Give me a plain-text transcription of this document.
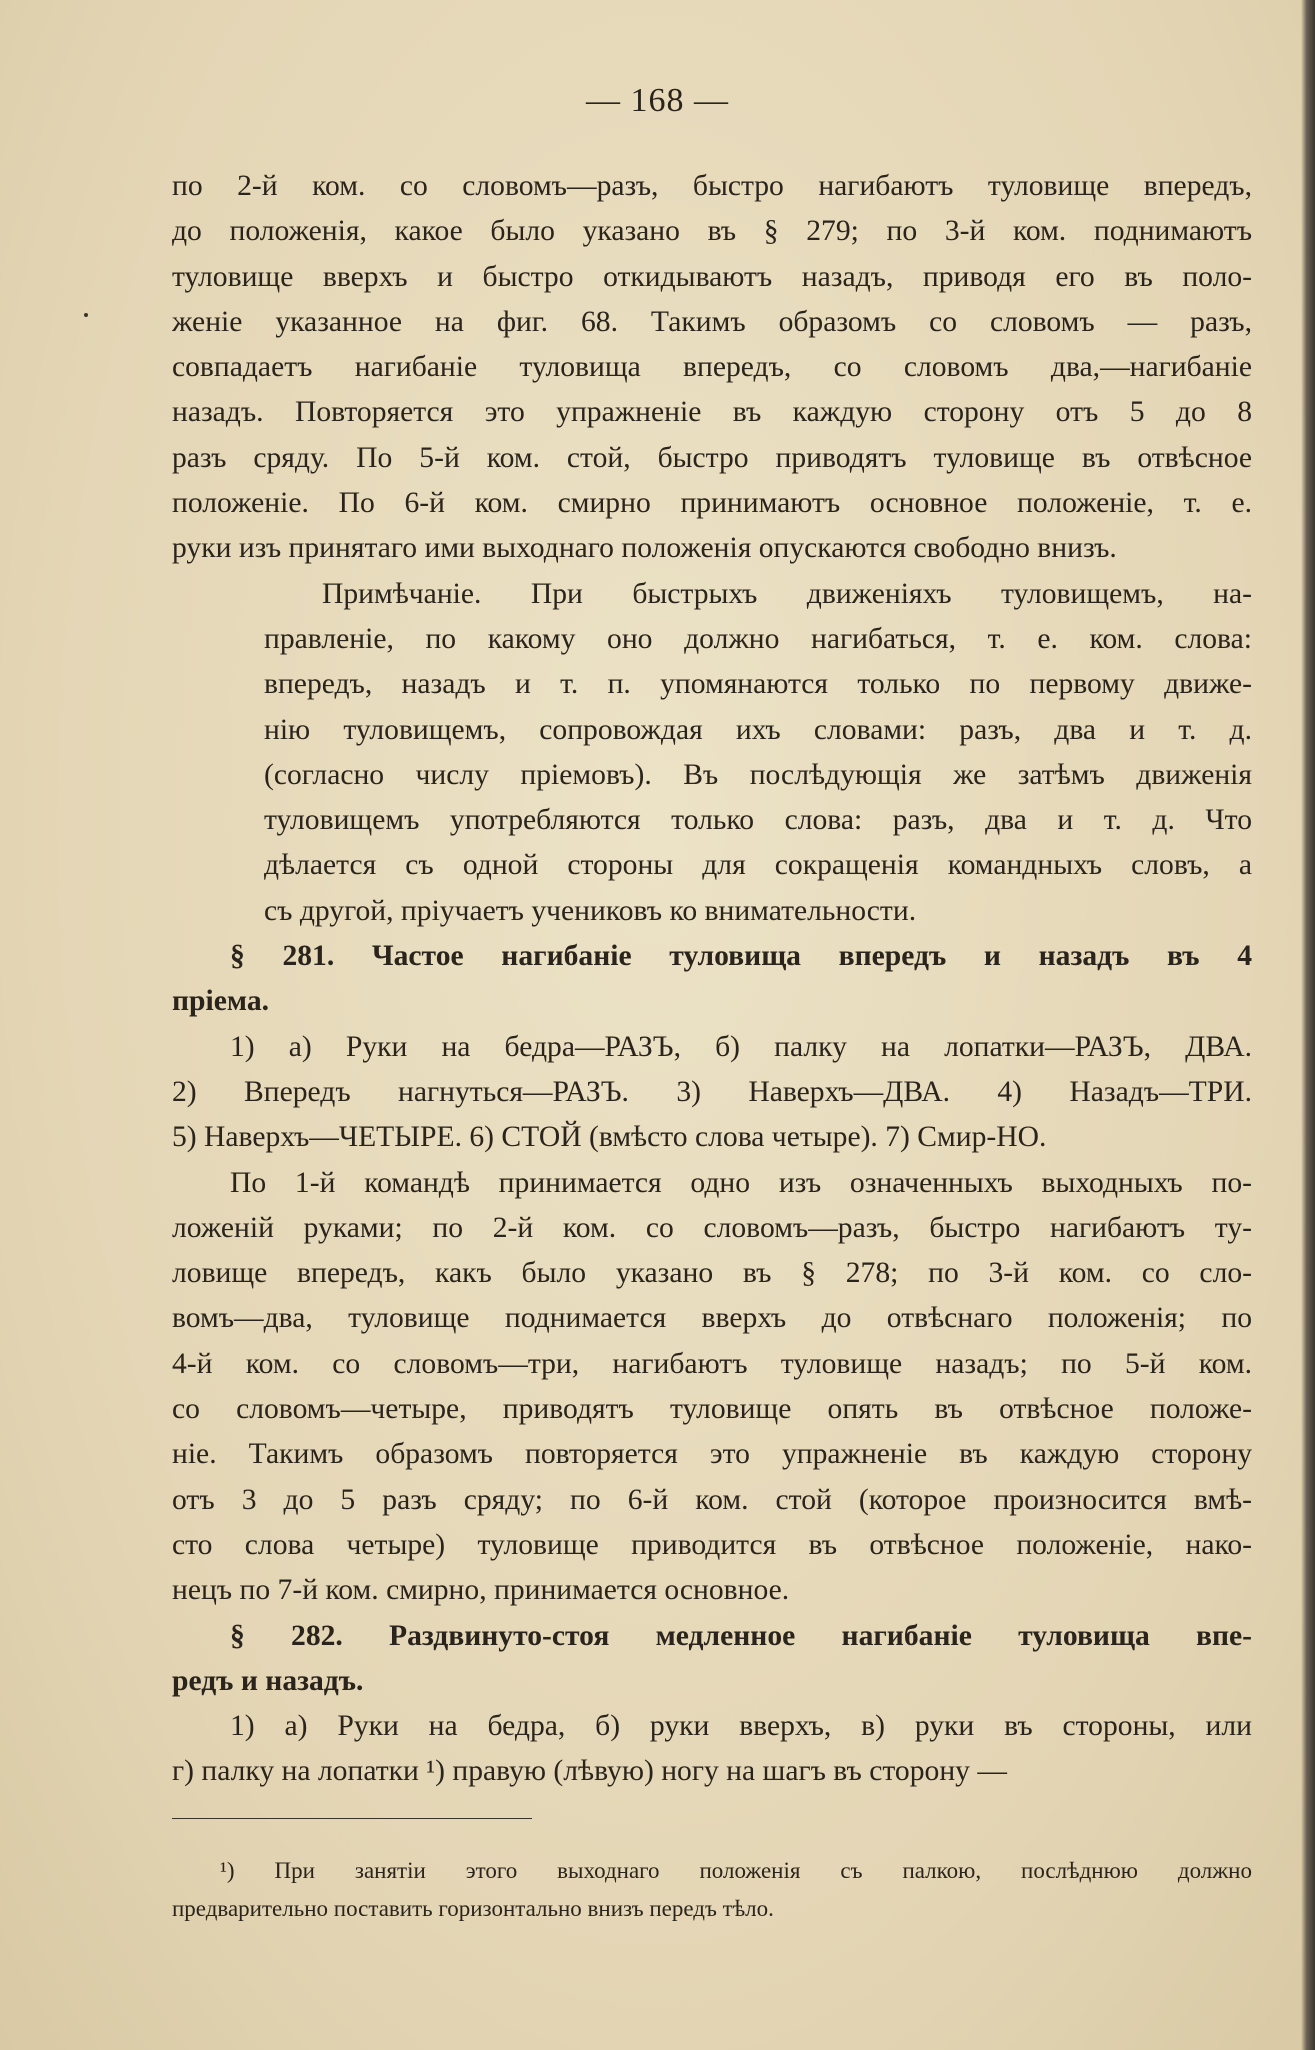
— 168 —
по 2-й ком. со словомъ—разъ, быстро нагибаютъ туловище впередъ,
до положенія, какое было указано въ § 279; по 3-й ком. поднимаютъ
туловище вверхъ и быстро откидываютъ назадъ, приводя его въ поло-
женіе указанное на фиг. 68. Такимъ образомъ со словомъ — разъ,
совпадаетъ нагибаніе туловища впередъ, со словомъ два,—нагибаніе
назадъ. Повторяется это упражненіе въ каждую сторону отъ 5 до 8
разъ сряду. По 5-й ком. стой, быстро приводятъ туловище въ отвѣсное
положеніе. По 6-й ком. смирно принимаютъ основное положеніе, т. е.
руки изъ принятаго ими выходнаго положенія опускаются свободно внизъ.
Примѣчаніе. При быстрыхъ движеніяхъ туловищемъ, на-
правленіе, по какому оно должно нагибаться, т. е. ком. слова:
впередъ, назадъ и т. п. упомянаются только по первому движе-
нію туловищемъ, сопровождая ихъ словами: разъ, два и т. д.
(согласно числу пріемовъ). Въ послѣдующія же затѣмъ движенія
туловищемъ употребляются только слова: разъ, два и т. д. Что
дѣлается съ одной стороны для сокращенія командныхъ словъ, а
съ другой, пріучаетъ учениковъ ко внимательности.
§ 281. Частое нагибаніе туловища впередъ и назадъ въ 4
пріема.
1) а) Руки на бедра—РАЗЪ, б) палку на лопатки—РАЗЪ, ДВА.
2) Впередъ нагнуться—РАЗЪ. 3) Наверхъ—ДВА. 4) Назадъ—ТРИ.
5) Наверхъ—ЧЕТЫРЕ. 6) СТОЙ (вмѣсто слова четыре). 7) Смир-НО.
По 1-й командѣ принимается одно изъ означенныхъ выходныхъ по-
ложеній руками; по 2-й ком. со словомъ—разъ, быстро нагибаютъ ту-
ловище впередъ, какъ было указано въ § 278; по 3-й ком. со сло-
вомъ—два, туловище поднимается вверхъ до отвѣснаго положенія; по
4-й ком. со словомъ—три, нагибаютъ туловище назадъ; по 5-й ком.
со словомъ—четыре, приводятъ туловище опять въ отвѣсное положе-
ніе. Такимъ образомъ повторяется это упражненіе въ каждую сторону
отъ 3 до 5 разъ сряду; по 6-й ком. стой (которое произносится вмѣ-
сто слова четыре) туловище приводится въ отвѣсное положеніе, нако-
нецъ по 7-й ком. смирно, принимается основное.
§ 282. Раздвинуто-стоя медленное нагибаніе туловища впе-
редъ и назадъ.
1) а) Руки на бедра, б) руки вверхъ, в) руки въ стороны, или
г) палку на лопатки ¹) правую (лѣвую) ногу на шагъ въ сторону —
¹) При занятіи этого выходнаго положенія съ палкою, послѣднюю должно
предварительно поставить горизонтально внизъ передъ тѣло.
